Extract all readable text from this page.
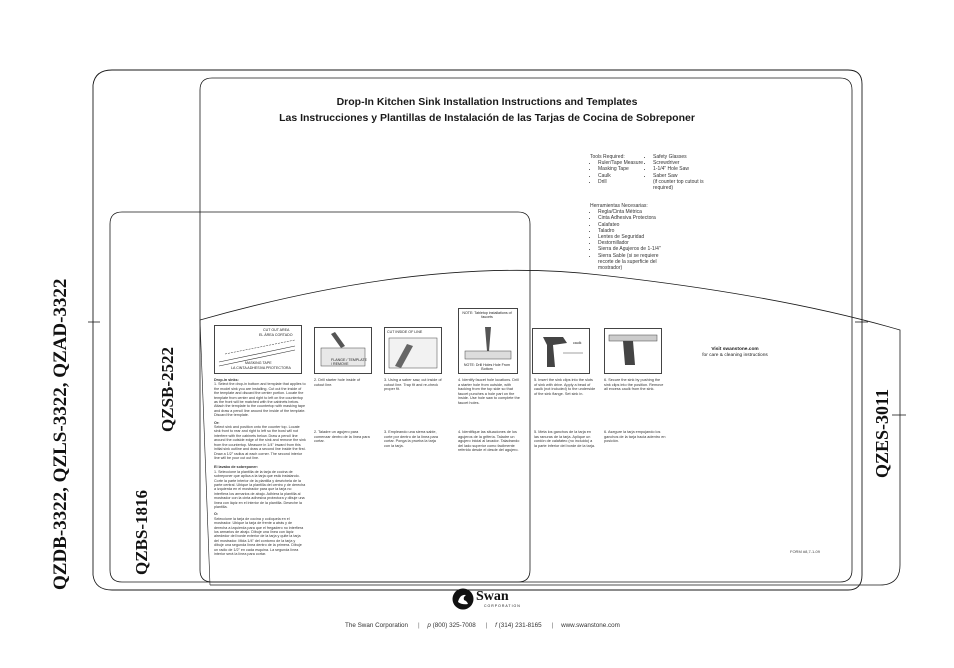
QZDB-3322, QZLS-3322, QZAD-3322	QZSB-2522
QZBS-1816
QZES-3011
Drop-In Kitchen Sink Installation Instructions and Templates
Las Instrucciones y Plantillas de Instalación de las Tarjas de Cocina de Sobreponer
Tools Required:
• Ruler/Tape Measure
• Masking Tape
• Caulk
• Drill
• Safety Glasses
• Screwdriver
• 1-1/4" Hole Saw
• Saber Saw
(if counter top cutout is required)
Herramientas Necesarias:
• Regla/Cinta Métrica
• Cinta Adhesiva Protectora
• Calafateo
• Taladro
• Lentes de Seguridad
• Destornillador
• Sierra de Agujeros de 1-1/4"
• Sierra Sable (si se requiere recorte de la superficie del mostrador)
Visit swanstone.com
for care & cleaning instructions
CUT OUT AREA
EL ÁREA CORTADO
MASKING TAPE
LA CINTA ADHESIVA PROTECTORA
FLANGE / TEMPLATE / REMOVE
CUT INSIDE OF LINE
NOTE: Tabletop installations of faucets
NOTE: Drill Holes Hole From Bottom
caulk
2. Drill starter hole inside of cutout line.
3. Using a saber saw, cut inside of cutout line. Trap fit and re-check proper fit.
4. Identify faucet hole locations. Drill a starter hole from outside, with backing from the top side so that faucet punches a hole part on the inside. Use hole saw to complete the faucet holes.
5. Insert the sink clips into the slots of sink with drive. Apply a bead of caulk (not included) to the underside of the sink flange. Set sink in.
6. Secure the sink by pushing the sink clips into the position. Remove all excess caulk from the sink.
2. Taladre un agujero para comenzar dentro de la línea para cortar.
3. Empleando una sierra sable, corte por dentro de la línea para cortar. Ponga la prueba la tarja con la tarja.
4. Identifique las situaciones de los agujeros de la grifería. Taladre un agujero inicial al lavador. Taladrando del lado superior como facilmente referido desde el desde del agujero.
5. Meta los ganchos de la tarja en las ranuras de la tarja. Aplique un cordón de calafateo (no incluido) a la parte inferior del borde de la tarja.
6. Asegure la tarja empujando los ganchos de la tarja hacia adentro en posición.
Drop-in sinks:
1. Select the drop-in bottom and template that applies to the model sink you are installing. Cut out the inside of the template and discard the center portion. Locate the template from center and right to left on the countertop as the front will be matched with the cabinets below. Attach the template to the countertop with masking tape and draw a pencil line around the inside of the template. Discard the template.
Or:
Select sink and position onto the counter top. Locate sink front to rear and right to left so the bowl will not interfere with the cabinets below. Draw a pencil line around the outside edge of the sink and remove the sink from the countertop. Measure in 1/4" inward from this initial sink outline and draw a second line inside the first. Draw a 1/2" radius at each corner. The second interior line will be your cut out line.
El lavabo de sobreponer:
1. Seleccione la plantilla de la tarja de cocina de sobreponer que aplica a la tarja que está instalando. Corte la parte interior de la plantilla y deséchela de la parte central. Ubique la plantilla del centro y de derecha a izquierda en el mostrador para que la tarja no interfiera los armarios de abajo. Adhiera la plantilla al mostrador con la cinta adhesiva protectora y dibuje una línea con lápiz en el interior de la plantilla. Deseche la plantilla.
O:
Seleccione la tarja de cocina y colóquela en el mostrador. Ubique la tarja de frente a atrás y de derecha a izquierda para que el fregadero no interfiera los armarios de abajo. Dibuje una línea con lápiz alrededor del borde exterior de la tarja y quite la tarja del mostrador. Mida 1/4" del contorno de la tarja y dibuje una segunda línea dentro de la primera. Dibuje un radio de 1/2" en cada esquina. La segunda línea interior será la línea para cortar.
FORM #8,7-1-09
Swan
CORPORATION
The Swan Corporation | p (800) 325-7008 | f (314) 231-8165 | www.swanstone.com
